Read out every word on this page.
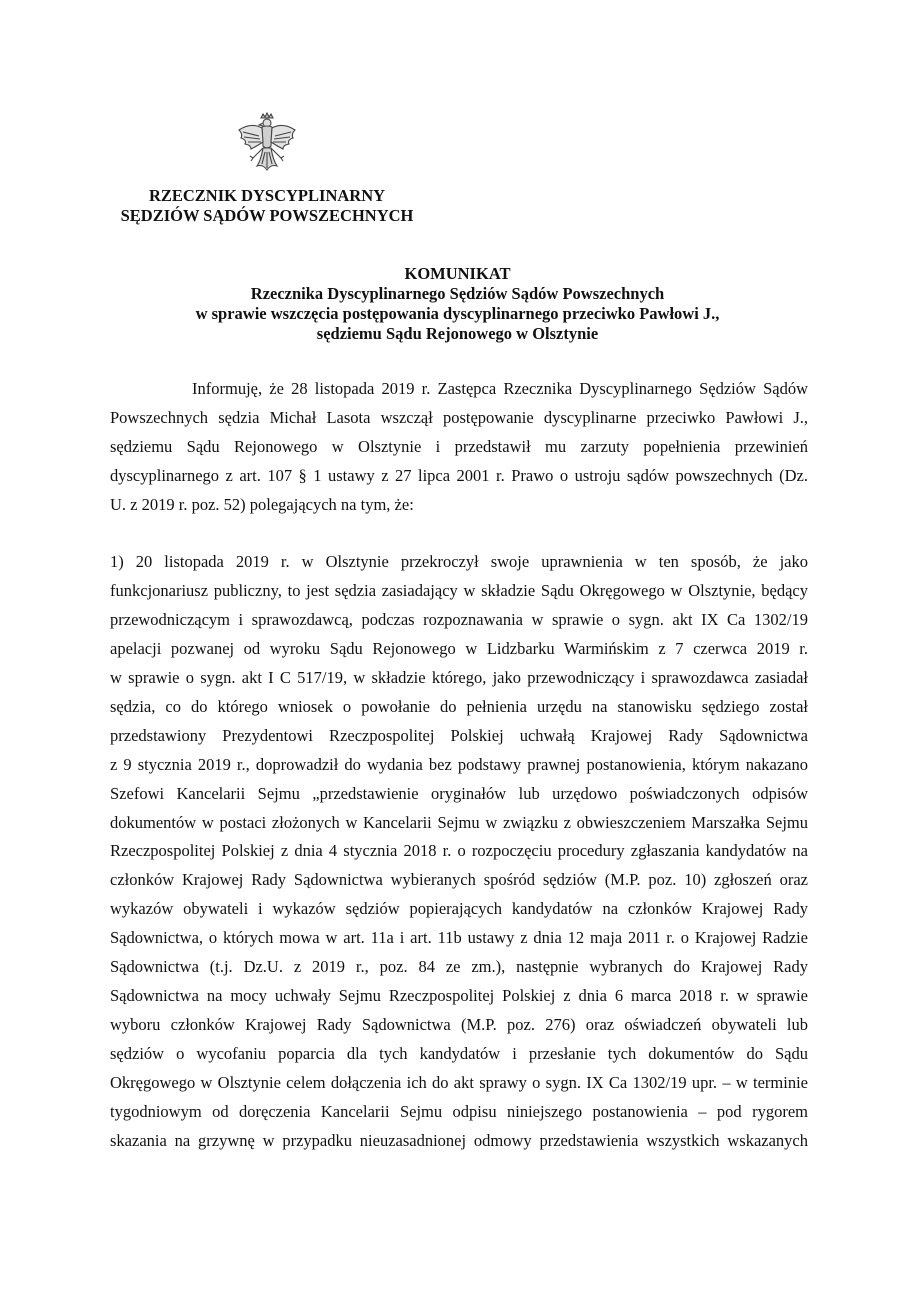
RZECZNIK DYSCYPLINARNY
SĘDZIÓW SĄDÓW POWSZECHNYCH
KOMUNIKAT
Rzecznika Dyscyplinarnego Sędziów Sądów Powszechnych
w sprawie wszczęcia postępowania dyscyplinarnego przeciwko Pawłowi J.,
sędziemu Sądu Rejonowego w Olsztynie

Informuję, że 28 listopada 2019 r. Zastępca Rzecznika Dyscyplinarnego Sędziów Sądów
Powszechnych sędzia Michał Lasota wszczął postępowanie dyscyplinarne przeciwko Pawłowi J.,
sędziemu Sądu Rejonowego w Olsztynie i przedstawił mu zarzuty popełnienia przewinień
dyscyplinarnego z art. 107 § 1 ustawy z 27 lipca 2001 r. Prawo o ustroju sądów powszechnych (Dz.
U. z 2019 r. poz. 52) polegających na tym, że:

1) 20 listopada 2019 r. w Olsztynie przekroczył swoje uprawnienia w ten sposób, że jako
funkcjonariusz publiczny, to jest sędzia zasiadający w składzie Sądu Okręgowego w Olsztynie, będący
przewodniczącym i sprawozdawcą, podczas rozpoznawania w sprawie o sygn. akt IX Ca 1302/19
apelacji pozwanej od wyroku Sądu Rejonowego w Lidzbarku Warmińskim z 7 czerwca 2019 r.
w sprawie o sygn. akt I C 517/19, w składzie którego, jako przewodniczący i sprawozdawca zasiadał
sędzia, co do którego wniosek o powołanie do pełnienia urzędu na stanowisku sędziego został
przedstawiony Prezydentowi Rzeczpospolitej Polskiej uchwałą Krajowej Rady Sądownictwa
z 9 stycznia 2019 r., doprowadził do wydania bez podstawy prawnej postanowienia, którym nakazano
Szefowi Kancelarii Sejmu „przedstawienie oryginałów lub urzędowo poświadczonych odpisów
dokumentów w postaci złożonych w Kancelarii Sejmu w związku z obwieszczeniem Marszałka Sejmu
Rzeczpospolitej Polskiej z dnia 4 stycznia 2018 r. o rozpoczęciu procedury zgłaszania kandydatów na
członków Krajowej Rady Sądownictwa wybieranych spośród sędziów (M.P. poz. 10) zgłoszeń oraz
wykazów obywateli i wykazów sędziów popierających kandydatów na członków Krajowej Rady
Sądownictwa, o których mowa w art. 11a i art. 11b ustawy z dnia 12 maja 2011 r. o Krajowej Radzie
Sądownictwa (t.j. Dz.U. z 2019 r., poz. 84 ze zm.), następnie wybranych do Krajowej Rady
Sądownictwa na mocy uchwały Sejmu Rzeczpospolitej Polskiej z dnia 6 marca 2018 r. w sprawie
wyboru członków Krajowej Rady Sądownictwa (M.P. poz. 276) oraz oświadczeń obywateli lub
sędziów o wycofaniu poparcia dla tych kandydatów i przesłanie tych dokumentów do Sądu
Okręgowego w Olsztynie celem dołączenia ich do akt sprawy o sygn. IX Ca 1302/19 upr. – w terminie
tygodniowym od doręczenia Kancelarii Sejmu odpisu niniejszego postanowienia – pod rygorem
skazania na grzywnę w przypadku nieuzasadnionej odmowy przedstawienia wszystkich wskazanych
